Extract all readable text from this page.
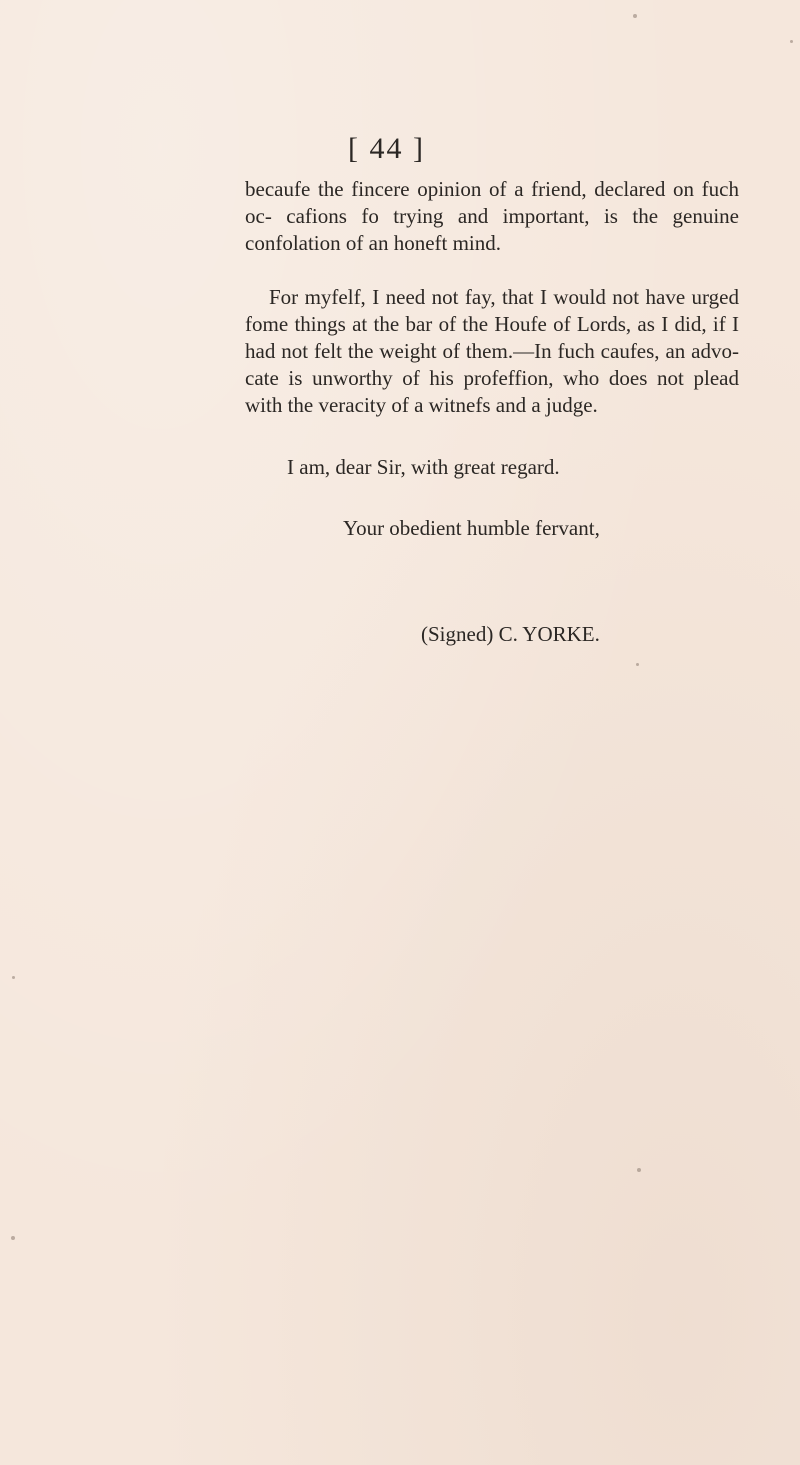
[ 44 ]

becaufe the fincere opinion of a friend, declared on fuch oc- cafions fo trying and important, is the genuine confolation of an honeft mind.

For myfelf, I need not fay, that I would not have urged fome things at the bar of the Houfe of Lords, as I did, if I had not felt the weight of them.—In fuch caufes, an advo- cate is unworthy of his profeffion, who does not plead with the veracity of a witnefs and a judge.

I am, dear Sir, with great regard.

Your obedient humble fervant,

(Signed) C. YORKE.
